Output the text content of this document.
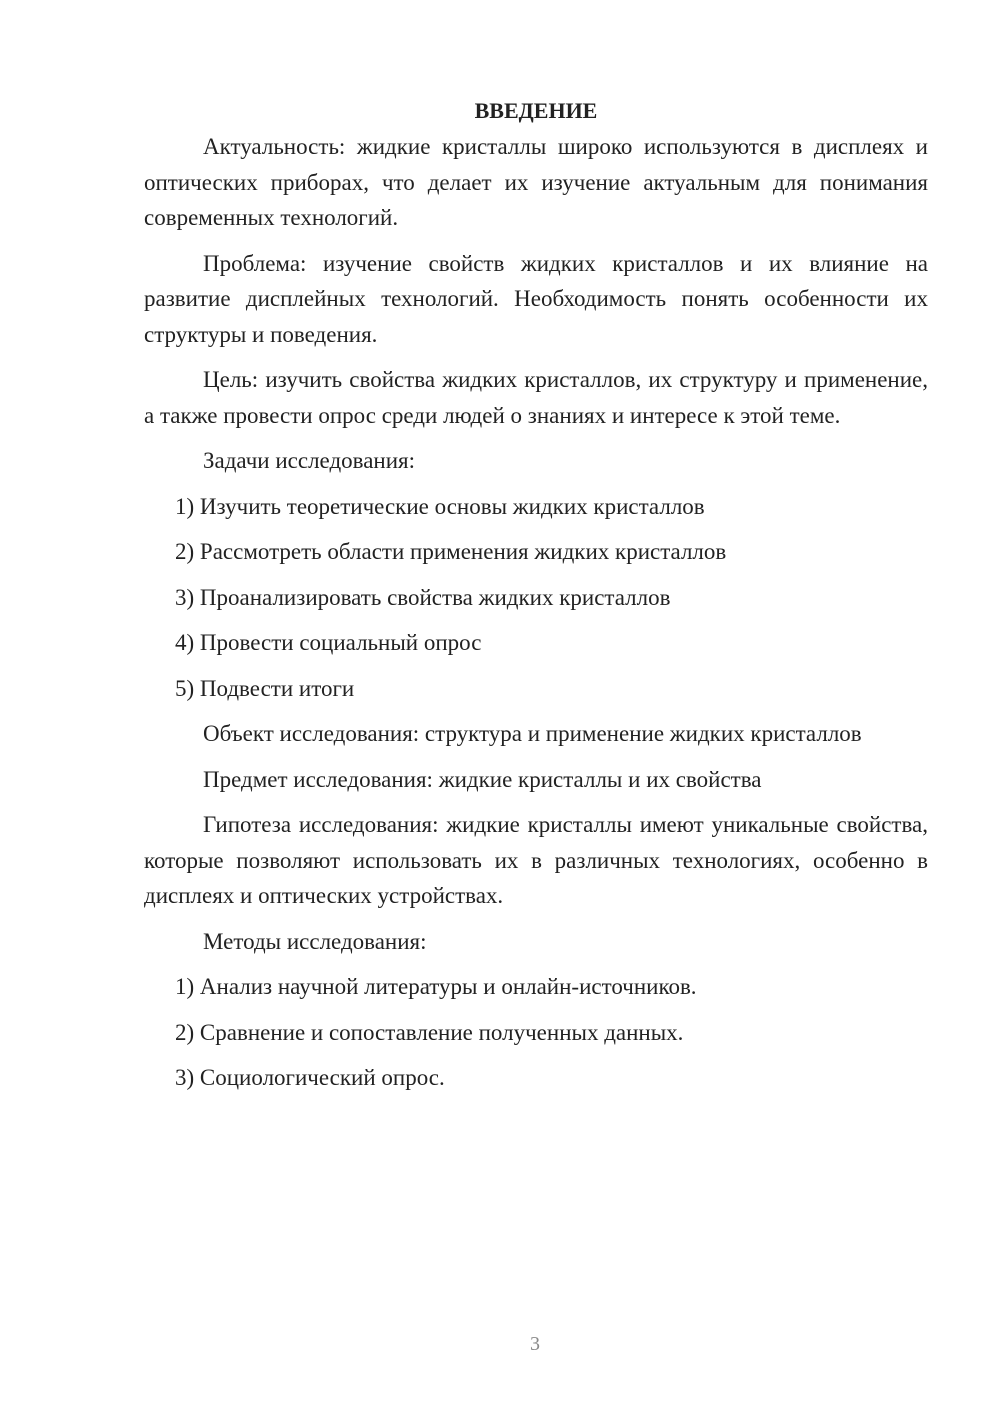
ВВЕДЕНИЕ

Актуальность: жидкие кристаллы широко используются в дисплеях и оптических приборах, что делает их изучение актуальным для понимания современных технологий.

Проблема: изучение свойств жидких кристаллов и их влияние на развитие дисплейных технологий. Необходимость понять особенности их структуры и поведения.

Цель: изучить свойства жидких кристаллов, их структуру и применение, а также провести опрос среди людей о знаниях и интересе к этой теме.

Задачи исследования:

1) Изучить теоретические основы жидких кристаллов

2) Рассмотреть области применения жидких кристаллов

3) Проанализировать свойства жидких кристаллов

4) Провести социальный опрос

5) Подвести итоги

Объект исследования: структура и применение жидких кристаллов

Предмет исследования: жидкие кристаллы и их свойства

Гипотеза исследования: жидкие кристаллы имеют уникальные свойства, которые позволяют использовать их в различных технологиях, особенно в дисплеях и оптических устройствах.

Методы исследования:

1) Анализ научной литературы и онлайн-источников.

2) Сравнение и сопоставление полученных данных.

3) Социологический опрос.

3
